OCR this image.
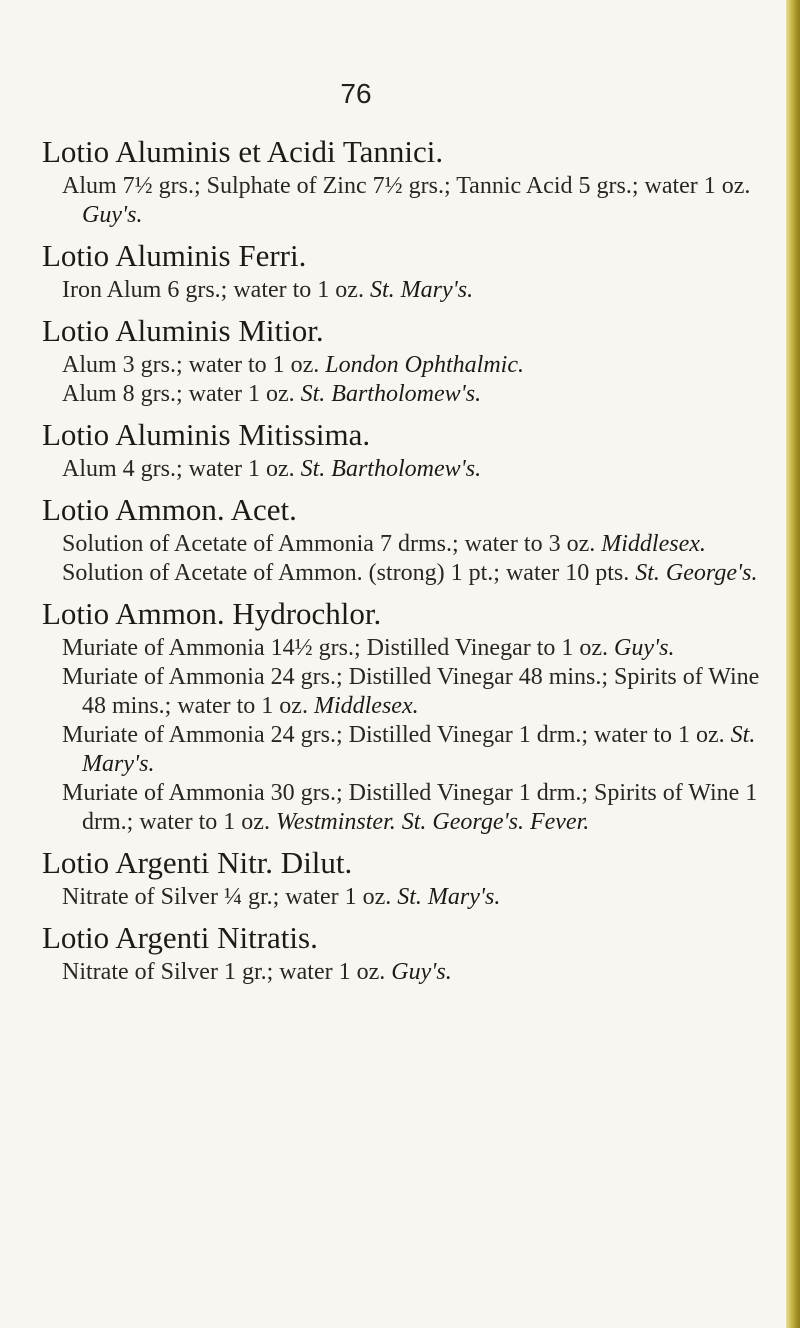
76
Lotio Aluminis et Acidi Tannici.
Alum 7½ grs.; Sulphate of Zinc 7½ grs.; Tannic Acid 5 grs.; water 1 oz. Guy's.
Lotio Aluminis Ferri.
Iron Alum 6 grs.; water to 1 oz. St. Mary's.
Lotio Aluminis Mitior.
Alum 3 grs.; water to 1 oz. London Ophthalmic.
Alum 8 grs.; water 1 oz. St. Bartholomew's.
Lotio Aluminis Mitissima.
Alum 4 grs.; water 1 oz. St. Bartholomew's.
Lotio Ammon. Acet.
Solution of Acetate of Ammonia 7 drms.; water to 3 oz. Middlesex.
Solution of Acetate of Ammon. (strong) 1 pt.; water 10 pts. St. George's.
Lotio Ammon. Hydrochlor.
Muriate of Ammonia 14½ grs.; Distilled Vinegar to 1 oz. Guy's.
Muriate of Ammonia 24 grs.; Distilled Vinegar 48 mins.; Spirits of Wine 48 mins.; water to 1 oz. Middlesex.
Muriate of Ammonia 24 grs.; Distilled Vinegar 1 drm.; water to 1 oz. St. Mary's.
Muriate of Ammonia 30 grs.; Distilled Vinegar 1 drm.; Spirits of Wine 1 drm.; water to 1 oz. Westminster. St. George's. Fever.
Lotio Argenti Nitr. Dilut.
Nitrate of Silver ¼ gr.; water 1 oz. St. Mary's.
Lotio Argenti Nitratis.
Nitrate of Silver 1 gr.; water 1 oz. Guy's.
